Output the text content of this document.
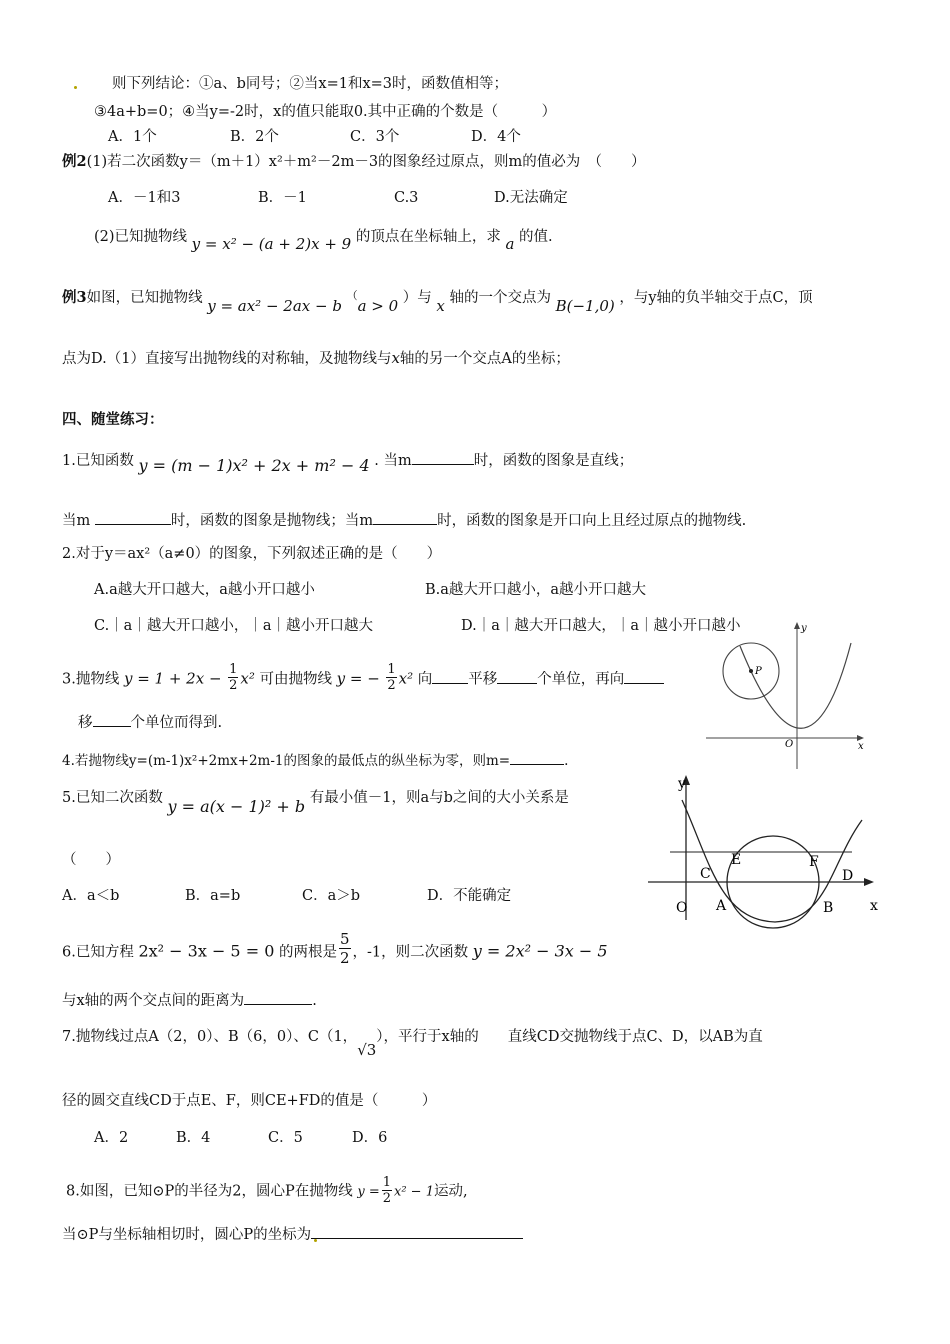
则下列结论：①a、b同号；②当x=1和x=3时，函数值相等；
③4a+b=0；④当y=-2时，x的值只能取0.其中正确的个数是（　　　）
A．1个	B．2个	C．3个	D．4个
例2(1)若二次函数y＝（m＋1）x²＋m²－2m－3的图象经过原点，则m的值必为　（　　）
A．－1和3	B．－1	C.3	D.无法确定
(2)已知抛物线 y = x² − (a + 2)x + 9 的顶点在坐标轴上，求 a 的值.
例3如图，已知抛物线 y = ax² − 2ax − b （a > 0 ）与 x 轴的一个交点为 B(−1,0) ，与y轴的负半轴交于点C，顶
点为D.（1）直接写出抛物线的对称轴，及抛物线与x轴的另一个交点A的坐标；
四、随堂练习：
1.已知函数 y = (m − 1)x² + 2x + m² − 4 . 当m	时，函数的图象是直线；
当m	时，函数的图象是抛物线；当m	时，函数的图象是开口向上且经过原点的抛物线.
2.对于y＝ax²（a≠0）的图象，下列叙述正确的是（　　）
A.a越大开口越大，a越小开口越小	B.a越大开口越小，a越小开口越大
C.｜a｜越大开口越小，｜a｜越小开口越大	D.｜a｜越大开口越大，｜a｜越小开口越小
3.抛物线 $y = 1 + 2x - \frac{1}{2} x^2$ 可由抛物线 y = − $\frac{1}{2} x^2$ 向 平移	个单位，再向
移	个单位而得到.
4.若抛物线y=(m-1)x²+2mx+2m-1的图象的最低点的纵坐标为零，则m=	.
5.已知二次函数 y = a(x − 1)² + b 有最小值－1，则a与b之间的大小关系是
（　　）
A．a＜b	B．a=b	C．a＞b	D．不能确定
6.已知方程 2x² − 3x − 5 = 0 的两根是 $\frac{5}{2}$ ，-1，则二次函数 y = 2x² − 3x − 5
与x轴的两个交点间的距离为	.
7.抛物线过点A（2，0）、B（6，0）、C（1，√3），平行于x轴的　　直线CD交抛物线于点C、D，以AB为直
径的圆交直线CD于点E、F，则CE+FD的值是（　　　）
A．2	B．4	C．5	D．6
8.如图，已知⊙P的半径为2，圆心P在抛物线 $y = \frac{1}{2} x^2 - 1$运动,
当⊙P与坐标轴相切时，圆心P的坐标为
P
y
x
O
y
x
O A	B
C	D
E	F
